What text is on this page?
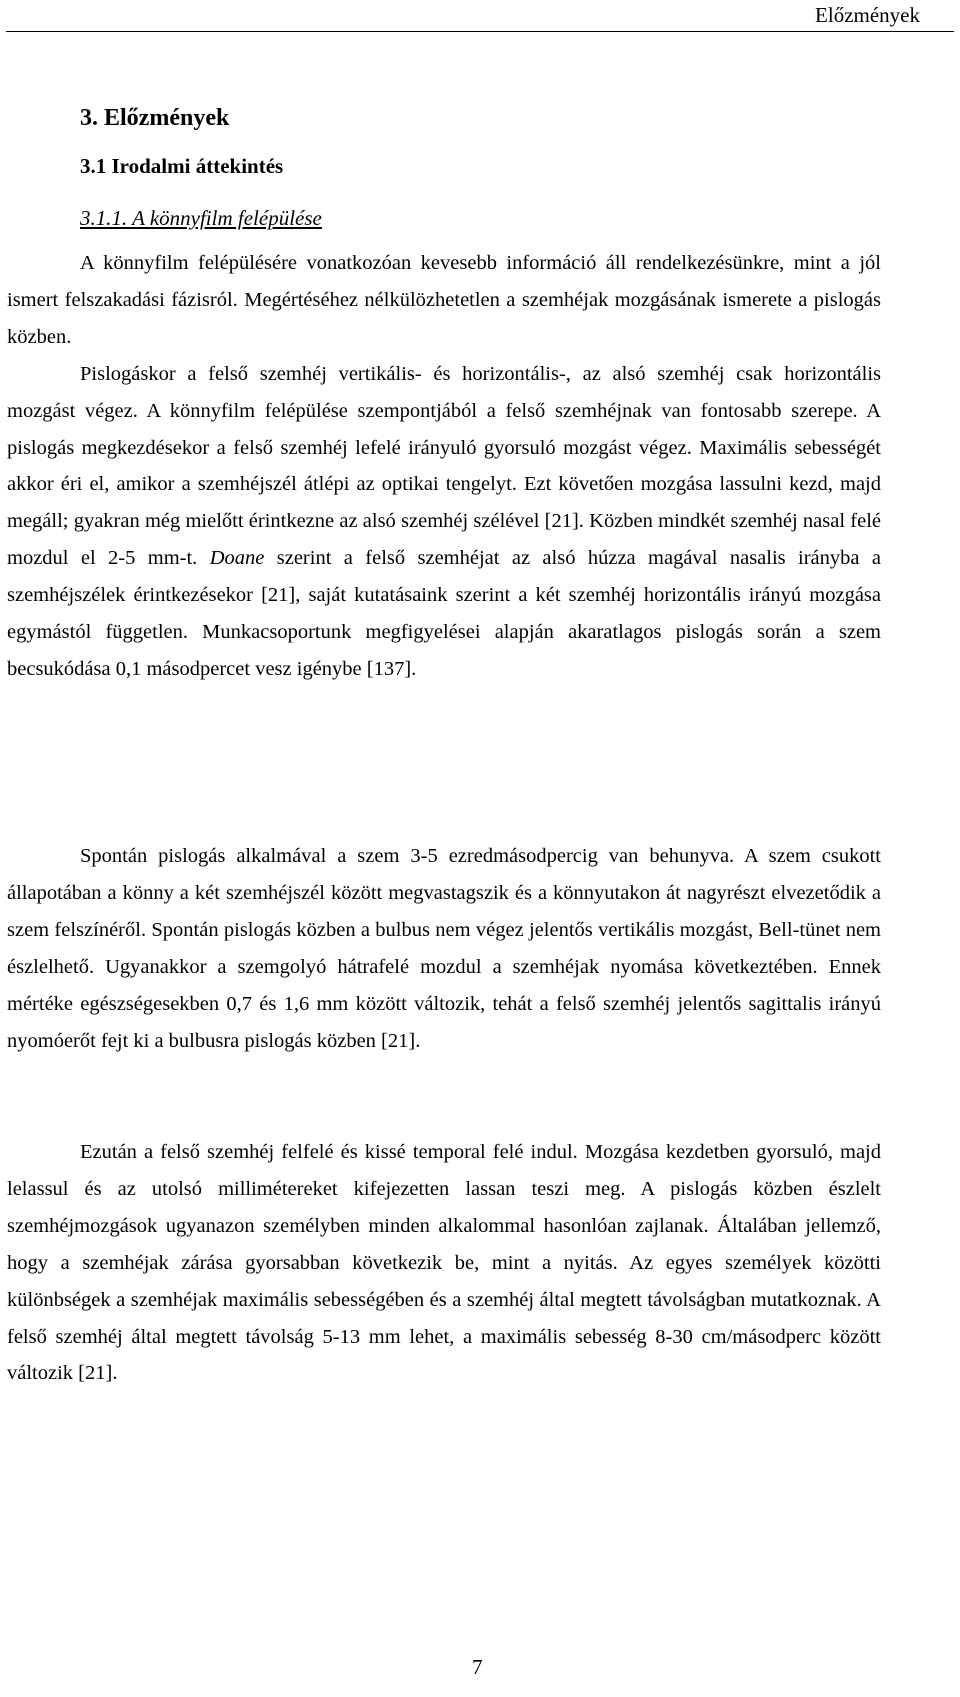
Előzmények
3. Előzmények
3.1 Irodalmi áttekintés
3.1.1. A könnyfilm felépülése

A könnyfilm felépülésére vonatkozóan kevesebb információ áll rendelkezésünkre, mint a jól ismert felszakadási fázisról. Megértéséhez nélkülözhetetlen a szemhéjak mozgásának ismerete a pislogás közben.

Pislogáskor a felső szemhéj vertikális- és horizontális-, az alsó szemhéj csak horizontális mozgást végez. A könnyfilm felépülése szempontjából a felső szemhéjnak van fontosabb szerepe. A pislogás megkezdésekor a felső szemhéj lefelé irányuló gyorsuló mozgást végez. Maximális sebességét akkor éri el, amikor a szemhéjszél átlépi az optikai tengelyt. Ezt követően mozgása lassulni kezd, majd megáll; gyakran még mielőtt érintkezne az alsó szemhéj szélével [21]. Közben mindkét szemhéj nasal felé mozdul el 2-5 mm-t. Doane szerint a felső szemhéjat az alsó húzza magával nasalis irányba a szemhéjszélek érintkezésekor [21], saját kutatásaink szerint a két szemhéj horizontális irányú mozgása egymástól független. Munkacsoportunk megfigyelései alapján akaratlagos pislogás során a szem becsukódása 0,1 másodpercet vesz igénybe [137].

Spontán pislogás alkalmával a szem 3-5 ezredmásodpercig van behunyva. A szem csukott állapotában a könny a két szemhéjszél között megvastagszik és a könnyutakon át nagyrészt elvezetődik a szem felszínéről. Spontán pislogás közben a bulbus nem végez jelentős vertikális mozgást, Bell-tünet nem észlelhető. Ugyanakkor a szemgolyó hátrafelé mozdul a szemhéjak nyomása következtében. Ennek mértéke egészségesekben 0,7 és 1,6 mm között változik, tehát a felső szemhéj jelentős sagittalis irányú nyomóerőt fejt ki a bulbusra pislogás közben [21].

Ezután a felső szemhéj felfelé és kissé temporal felé indul. Mozgása kezdetben gyorsuló, majd lelassul és az utolsó millimétereket kifejezetten lassan teszi meg. A pislogás közben észlelt szemhéjmozgások ugyanazon személyben minden alkalommal hasonlóan zajlanak. Általában jellemző, hogy a szemhéjak zárása gyorsabban következik be, mint a nyitás. Az egyes személyek közötti különbségek a szemhéjak maximális sebességében és a szemhéj által megtett távolságban mutatkoznak. A felső szemhéj által megtett távolság 5-13 mm lehet, a maximális sebesség 8-30 cm/másodperc között változik [21].

7
